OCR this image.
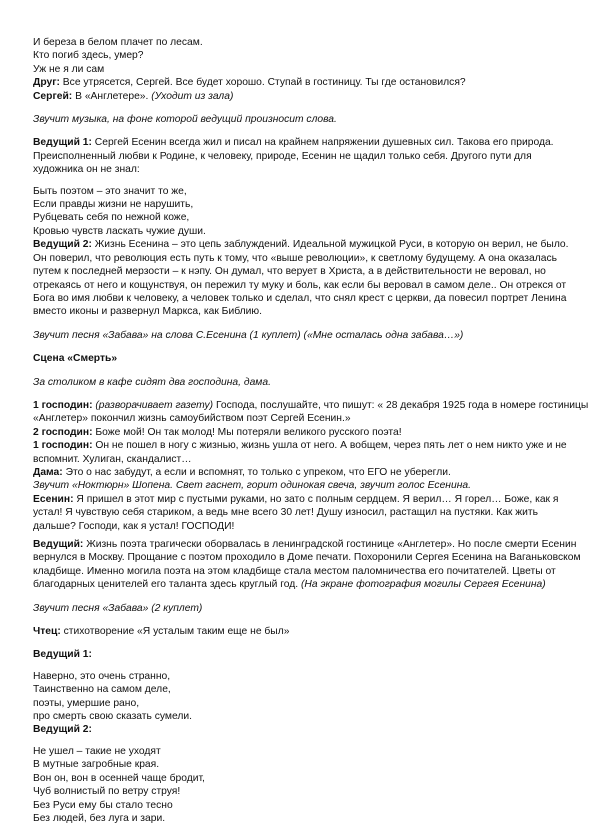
И береза в белом плачет по лесам.
Кто погиб здесь, умер?
Уж не я ли сам
Друг: Все утрясется, Сергей. Все будет хорошо. Ступай в гостиницу. Ты где остановился?
Сергей: В «Англетере». (Уходит из зала)
Звучит музыка, на фоне которой ведущий произносит слова.
Ведущий 1: Сергей Есенин всегда жил и писал на крайнем напряжении душевных сил. Такова его природа.
Преисполненный любви к Родине, к человеку, природе, Есенин не щадил только себя. Другого пути для
художника он не знал:
Быть поэтом – это значит то же,
Если правды жизни не нарушить,
Рубцевать себя по нежной коже,
Кровью чувств ласкать чужие души.
Ведущий 2: Жизнь Есенина – это цепь заблуждений. Идеальной мужицкой Руси, в которую он верил, не было.
Он поверил, что революция есть путь к тому, что «выше революции», к светлому будущему. А она оказалась
путем к последней мерзости – к нэпу. Он думал, что верует в Христа, а в действительности не веровал, но
отрекаясь от него и кощунствуя, он пережил ту муку и боль, как если бы веровал в самом деле.. Он отрекся от
Бога во имя любви к человеку, а человек только и сделал, что снял крест с церкви, да повесил портрет Ленина
вместо иконы и развернул Маркса, как Библию.
Звучит песня «Забава» на слова С.Есенина (1 куплет) («Мне осталась одна забава…»)
Сцена «Смерть»
За столиком в кафе сидят два господина, дама.
1 господин: (разворачивает газету) Господа, послушайте, что пишут: « 28 декабря 1925 года в номере гостиницы
«Англетер» покончил жизнь самоубийством поэт Сергей Есенин.»
2 господин: Боже мой! Он так молод! Мы потеряли великого русского поэта!
1 господин: Он не пошел в ногу с жизнью, жизнь ушла от него. А вобщем, через пять лет о нем никто уже и не
вспомнит. Хулиган, скандалист…
Дама: Это о нас забудут, а если и вспомнят, то только с упреком, что ЕГО не уберегли.
Звучит «Ноктюрн» Шопена. Свет гаснет, горит одинокая свеча, звучит голос Есенина.
Есенин: Я пришел в этот мир с пустыми руками, но зато с полным сердцем. Я верил… Я горел… Боже, как я
устал! Я чувствую себя стариком, а ведь мне всего 30 лет! Душу износил, растащил на пустяки. Как жить
дальше? Господи, как я устал! ГОСПОДИ!
Ведущий: Жизнь поэта трагически оборвалась в ленинградской гостинице «Англетер». Но после смерти Есенин
вернулся в Москву. Прощание с поэтом проходило в Доме печати. Похоронили Сергея Есенина на Ваганьковском
кладбище. Именно могила поэта на этом кладбище стала местом паломничества его почитателей. Цветы от
благодарных ценителей его таланта здесь круглый год. (На экране фотография могилы Сергея Есенина)
Звучит песня «Забава» (2 куплет)
Чтец: стихотворение «Я усталым таким еще не был»
Ведущий 1:
Наверно, это очень странно,
Таинственно на самом деле,
поэты, умершие рано,
про смерть свою сказать сумели.
Ведущий 2:
Не ушел – такие не уходят
В мутные загробные края.
Вон он, вон в осенней чаще бродит,
Чуб волнистый по ветру струя!
Без Руси ему бы стало тесно
Без людей, без луга и зари.
